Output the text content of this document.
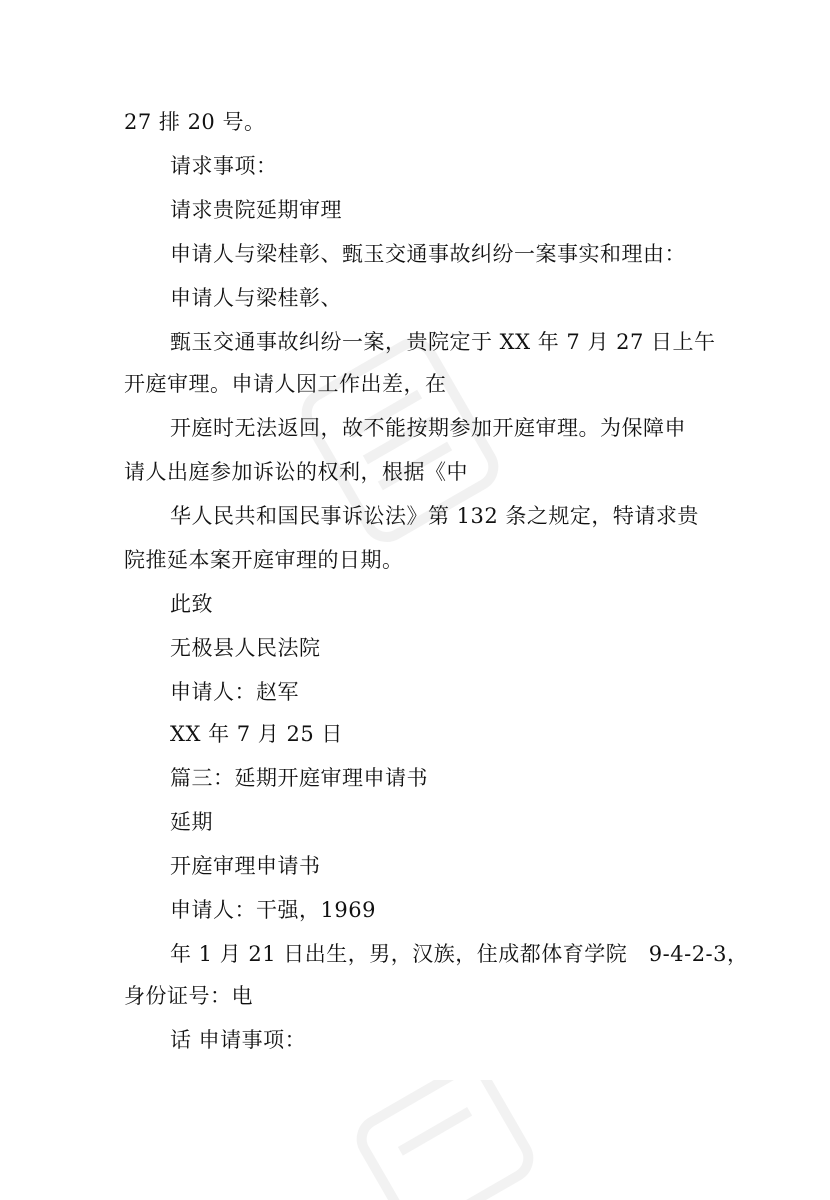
27 排 20 号。
请求事项：
请求贵院延期审理
申请人与梁桂彰、甄玉交通事故纠纷一案事实和理由：
申请人与梁桂彰、
甄玉交通事故纠纷一案，贵院定于 XX 年 7 月 27 日上午
开庭审理。申请人因工作出差，在
开庭时无法返回，故不能按期参加开庭审理。为保障申
请人出庭参加诉讼的权利，根据《中
华人民共和国民事诉讼法》第 132 条之规定，特请求贵
院推延本案开庭审理的日期。
此致
无极县人民法院
申请人：赵军
XX 年 7 月 25 日
篇三：延期开庭审理申请书
延期
开庭审理申请书
申请人：干强，1969
年 1 月 21 日出生，男，汉族，住成都体育学院　9-4-2-3，
身份证号：电
话 申请事项：
